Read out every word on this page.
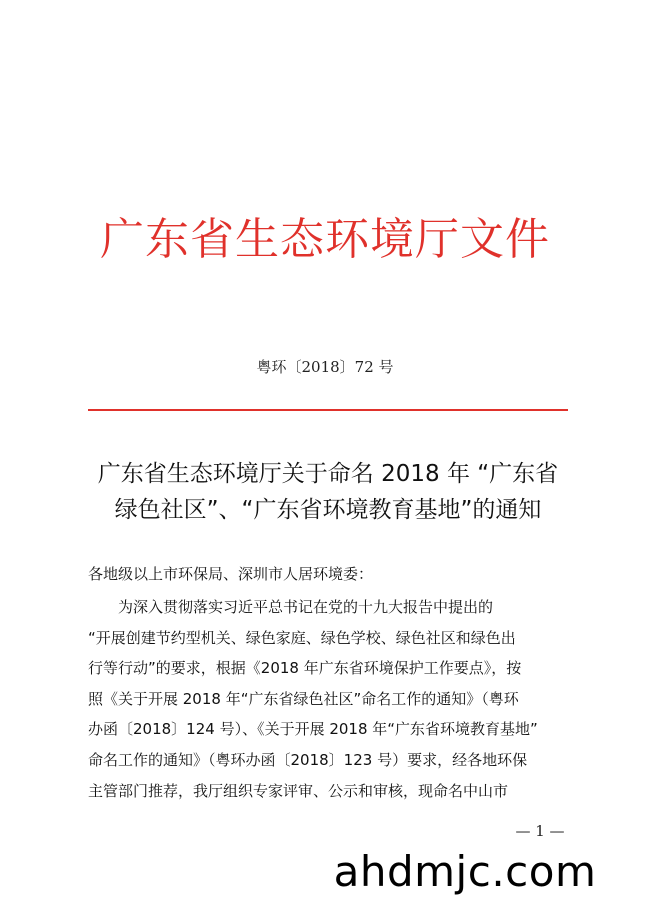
广东省生态环境厅文件
粤环〔2018〕72 号
广东省生态环境厅关于命名 2018 年 “广东省
绿色社区”、“广东省环境教育基地”的通知
各地级以上市环保局、深圳市人居环境委：
为深入贯彻落实习近平总书记在党的十九大报告中提出的
“开展创建节约型机关、绿色家庭、绿色学校、绿色社区和绿色出
行等行动”的要求，根据《2018 年广东省环境保护工作要点》，按
照《关于开展 2018 年“广东省绿色社区”命名工作的通知》（粤环
办函〔2018〕124 号）、《关于开展 2018 年“广东省环境教育基地”
命名工作的通知》（粤环办函〔2018〕123 号）要求，经各地环保
主管部门推荐，我厅组织专家评审、公示和审核，现命名中山市
— 1 —
ahdmjc.com
